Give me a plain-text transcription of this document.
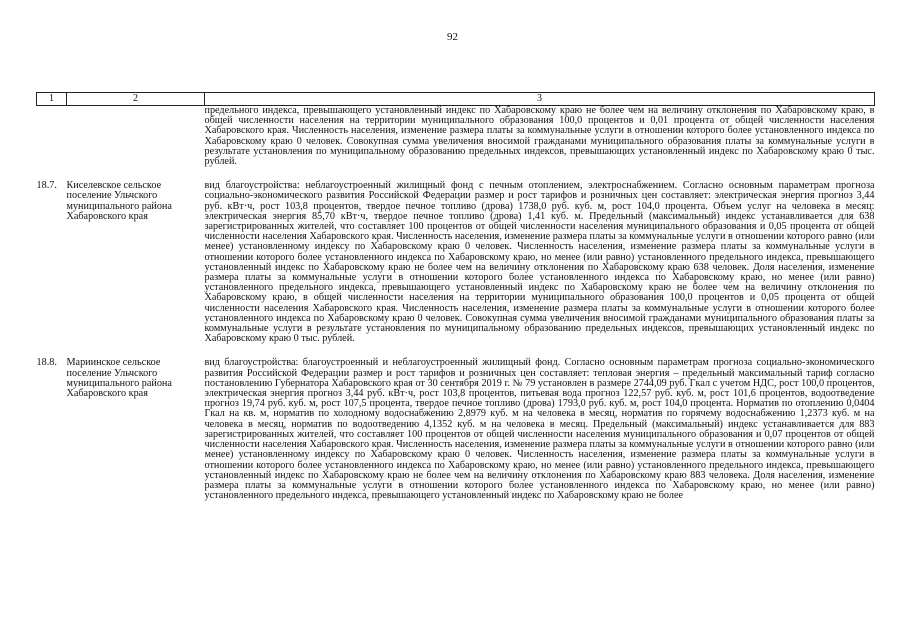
92
1	2	3
		предельного индекса, превышающего установленный индекс по Хабаровскому краю не более чем на величину отклонения по Хабаровскому краю, в общей численности населения на территории муниципального образования 100,0 процентов и 0,01 процента от общей численности населения Хабаровского края. Численность населения, изменение размера платы за коммунальные услуги в отношении которого более установленного индекса по Хабаровскому краю 0 человек. Совокупная сумма увеличения вносимой гражданами муниципального образования платы за коммунальные услуги в результате установления по муниципальному образованию предельных индексов, превышающих установленный индекс по Хабаровскому краю 0 тыс. рублей.

18.7.	Киселевское сельское поселение Ульчского муниципального района Хабаровского края	вид благоустройства: неблагоустроенный жилищный фонд с печным отоплением, электроснабжением. Согласно основным параметрам прогноза социально-экономического развития Российской Федерации размер и рост тарифов и розничных цен составляет: электрическая энергия прогноз 3,44 руб. кВт·ч, рост 103,8 процентов, твердое печное топливо (дрова) 1738,0 руб. куб. м, рост 104,0 процента. Объем услуг на человека в месяц: электрическая энергия 85,70 кВт·ч, твердое печное топливо (дрова) 1,41 куб. м. Предельный (максимальный) индекс устанавливается для 638 зарегистрированных жителей, что составляет 100 процентов от общей численности населения муниципального образования и 0,05 процента от общей численности населения Хабаровского края. Численность населения, изменение размера платы за коммунальные услуги в отношении которого равно (или менее) установленному индексу по Хабаровскому краю 0 человек. Численность населения, изменение размера платы за коммунальные услуги в отношении которого более установленного индекса по Хабаровскому краю, но менее (или равно) установленного предельного индекса, превышающего установленный индекс по Хабаровскому краю не более чем на величину отклонения по Хабаровскому краю 638 человек. Доля населения, изменение размера платы за коммунальные услуги в отношении которого более установленного индекса по Хабаровскому краю, но менее (или равно) установленного предельного индекса, превышающего установленный индекс по Хабаровскому краю не более чем на величину отклонения по Хабаровскому краю, в общей численности населения на территории муниципального образования 100,0 процентов и 0,05 процента от общей численности населения Хабаровского края. Численность населения, изменение размера платы за коммунальные услуги в отношении которого более установленного индекса по Хабаровскому краю 0 человек. Совокупная сумма увеличения вносимой гражданами муниципального образования платы за коммунальные услуги в результате установления по муниципальному образованию предельных индексов, превышающих установленный индекс по Хабаровскому краю 0 тыс. рублей.

18.8.	Мариинское сельское поселение Ульчского муниципального района Хабаровского края	вид благоустройства: благоустроенный и неблагоустроенный жилищный фонд. Согласно основным параметрам прогноза социально-экономического развития Российской Федерации размер и рост тарифов и розничных цен составляет: тепловая энергия – предельный максимальный тариф согласно постановлению Губернатора Хабаровского края от 30 сентября 2019 г. № 79 установлен в размере 2744,09 руб. Гкал с учетом НДС, рост 100,0 процентов, электрическая энергия прогноз 3,44 руб. кВт·ч, рост 103,8 процентов, питьевая вода прогноз 122,57 руб. куб. м, рост 101,6 процентов, водоотведение прогноз 19,74 руб. куб. м, рост 107,5 процента, твердое печное топливо (дрова) 1793,0 руб. куб. м, рост 104,0 процента. Норматив по отоплению 0,0404 Гкал на кв. м, норматив по холодному водоснабжению 2,8979 куб. м на человека в месяц, норматив по горячему водоснабжению 1,2373 куб. м на человека в месяц, норматив по водоотведению 4,1352 куб. м на человека в месяц. Предельный (максимальный) индекс устанавливается для 883 зарегистрированных жителей, что составляет 100 процентов от общей численности населения муниципального образования и 0,07 процентов от общей численности населения Хабаровского края. Численность населения, изменение размера платы за коммунальные услуги в отношении которого равно (или менее) установленному индексу по Хабаровскому краю 0 человек. Численность населения, изменение размера платы за коммунальные услуги в отношении которого более установленного индекса по Хабаровскому краю, но менее (или равно) установленного предельного индекса, превышающего установленный индекс по Хабаровскому краю не более чем на величину отклонения по Хабаровскому краю 883 человека. Доля населения, изменение размера платы за коммунальные услуги в отношении которого более установленного индекса по Хабаровскому краю, но менее (или равно) установленного предельного индекса, превышающего установленный индекс по Хабаровскому краю не более
